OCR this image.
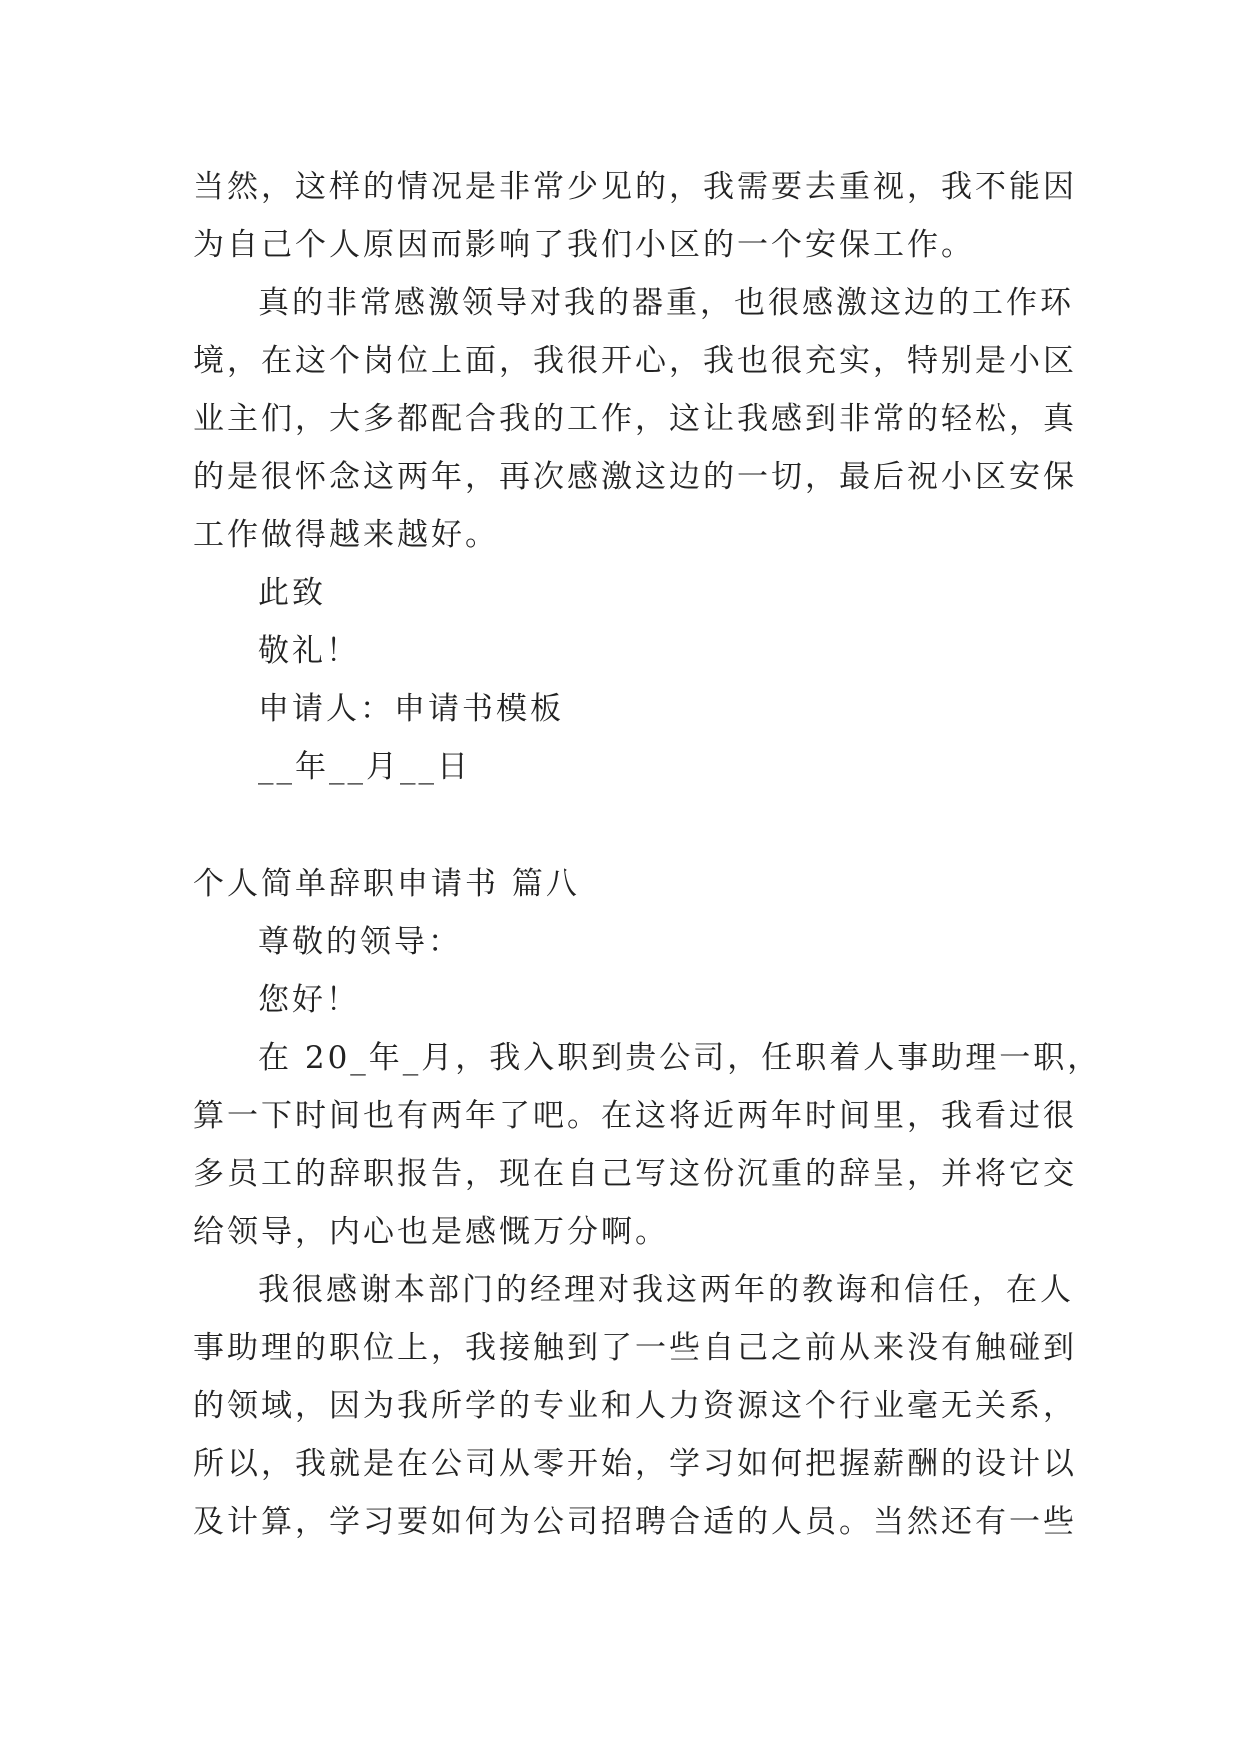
当然，这样的情况是非常少见的，我需要去重视，我不能因
为自己个人原因而影响了我们小区的一个安保工作。
真的非常感激领导对我的器重，也很感激这边的工作环
境，在这个岗位上面，我很开心，我也很充实，特别是小区
业主们，大多都配合我的工作，这让我感到非常的轻松，真
的是很怀念这两年，再次感激这边的一切，最后祝小区安保
工作做得越来越好。
此致
敬礼！
申请人：申请书模板
__年__月__日
个人简单辞职申请书 篇八
尊敬的领导：
您好！
在 20_年_月，我入职到贵公司，任职着人事助理一职，
算一下时间也有两年了吧。在这将近两年时间里，我看过很
多员工的辞职报告，现在自己写这份沉重的辞呈，并将它交
给领导，内心也是感慨万分啊。
我很感谢本部门的经理对我这两年的教诲和信任，在人
事助理的职位上，我接触到了一些自己之前从来没有触碰到
的领域，因为我所学的专业和人力资源这个行业毫无关系，
所以，我就是在公司从零开始，学习如何把握薪酬的设计以
及计算，学习要如何为公司招聘合适的人员。当然还有一些
